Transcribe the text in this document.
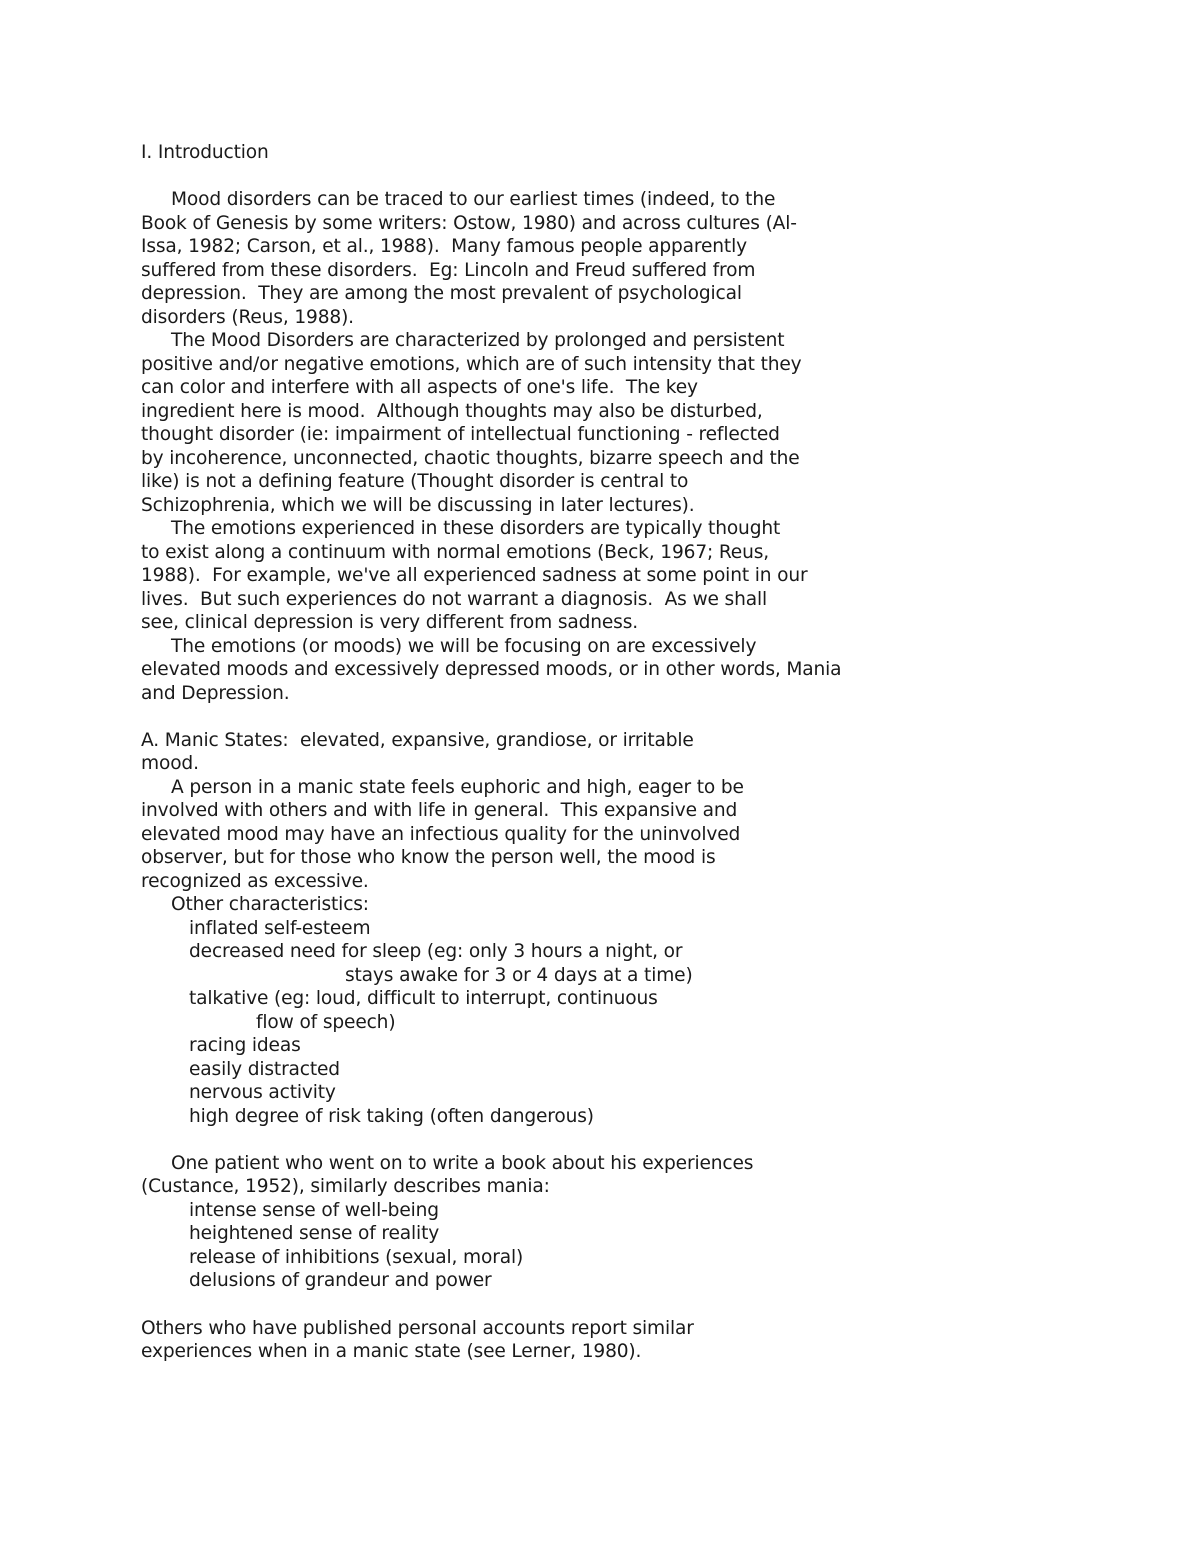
I. Introduction

Mood disorders can be traced to our earliest times (indeed, to the

Book of Genesis by some writers: Ostow, 1980) and across cultures (Al-

Issa, 1982; Carson, et al., 1988).  Many famous people apparently

suffered from these disorders.  Eg: Lincoln and Freud suffered from

depression.  They are among the most prevalent of psychological

disorders (Reus, 1988).

The Mood Disorders are characterized by prolonged and persistent

positive and/or negative emotions, which are of such intensity that they

can color and interfere with all aspects of one's life.  The key

ingredient here is mood.  Although thoughts may also be disturbed,

thought disorder (ie: impairment of intellectual functioning - reflected

by incoherence, unconnected, chaotic thoughts, bizarre speech and the

like) is not a defining feature (Thought disorder is central to

Schizophrenia, which we will be discussing in later lectures).

The emotions experienced in these disorders are typically thought

to exist along a continuum with normal emotions (Beck, 1967; Reus,

1988).  For example, we've all experienced sadness at some point in our

lives.  But such experiences do not warrant a diagnosis.  As we shall

see, clinical depression is very different from sadness.

The emotions (or moods) we will be focusing on are excessively

elevated moods and excessively depressed moods, or in other words, Mania

and Depression.

A. Manic States:  elevated, expansive, grandiose, or irritable

mood.

A person in a manic state feels euphoric and high, eager to be

involved with others and with life in general.  This expansive and

elevated mood may have an infectious quality for the uninvolved

observer, but for those who know the person well, the mood is

recognized as excessive.

Other characteristics:

inflated self-esteem

decreased need for sleep (eg: only 3 hours a night, or

stays awake for 3 or 4 days at a time)

talkative (eg: loud, difficult to interrupt, continuous

flow of speech)

racing ideas

easily distracted

nervous activity

high degree of risk taking (often dangerous)

One patient who went on to write a book about his experiences

(Custance, 1952), similarly describes mania:

intense sense of well-being

heightened sense of reality

release of inhibitions (sexual, moral)

delusions of grandeur and power

Others who have published personal accounts report similar

experiences when in a manic state (see Lerner, 1980).
